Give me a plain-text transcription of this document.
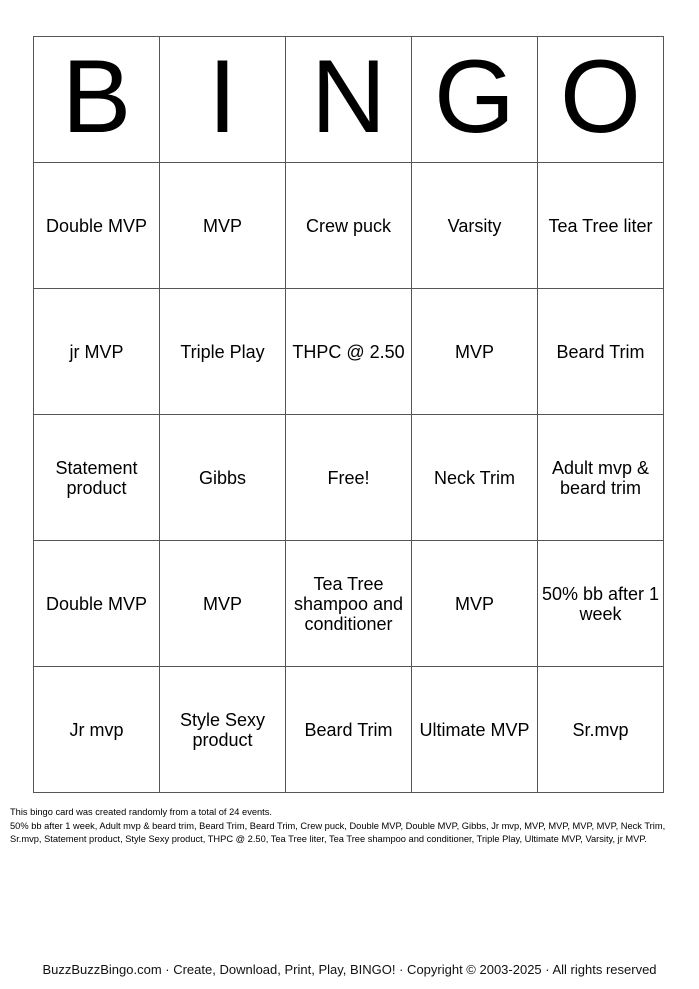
B	I	N	G	O
Double MVP	MVP	Crew puck	Varsity	Tea Tree liter
jr MVP	Triple Play	THPC @ 2.50	MVP	Beard Trim
Statement product	Gibbs	Free!	Neck Trim	Adult mvp & beard trim
Double MVP	MVP	Tea Tree shampoo and conditioner	MVP	50% bb after 1 week
Jr mvp	Style Sexy product	Beard Trim	Ultimate MVP	Sr.mvp

This bingo card was created randomly from a total of 24 events.

50% bb after 1 week, Adult mvp & beard trim, Beard Trim, Beard Trim, Crew puck, Double MVP, Double MVP, Gibbs, Jr mvp, MVP, MVP, MVP, MVP, Neck Trim, Sr.mvp, Statement product, Style Sexy product, THPC @ 2.50, Tea Tree liter, Tea Tree shampoo and conditioner, Triple Play, Ultimate MVP, Varsity, jr MVP.

BuzzBuzzBingo.com · Create, Download, Print, Play, BINGO! · Copyright © 2003-2025 · All rights reserved
